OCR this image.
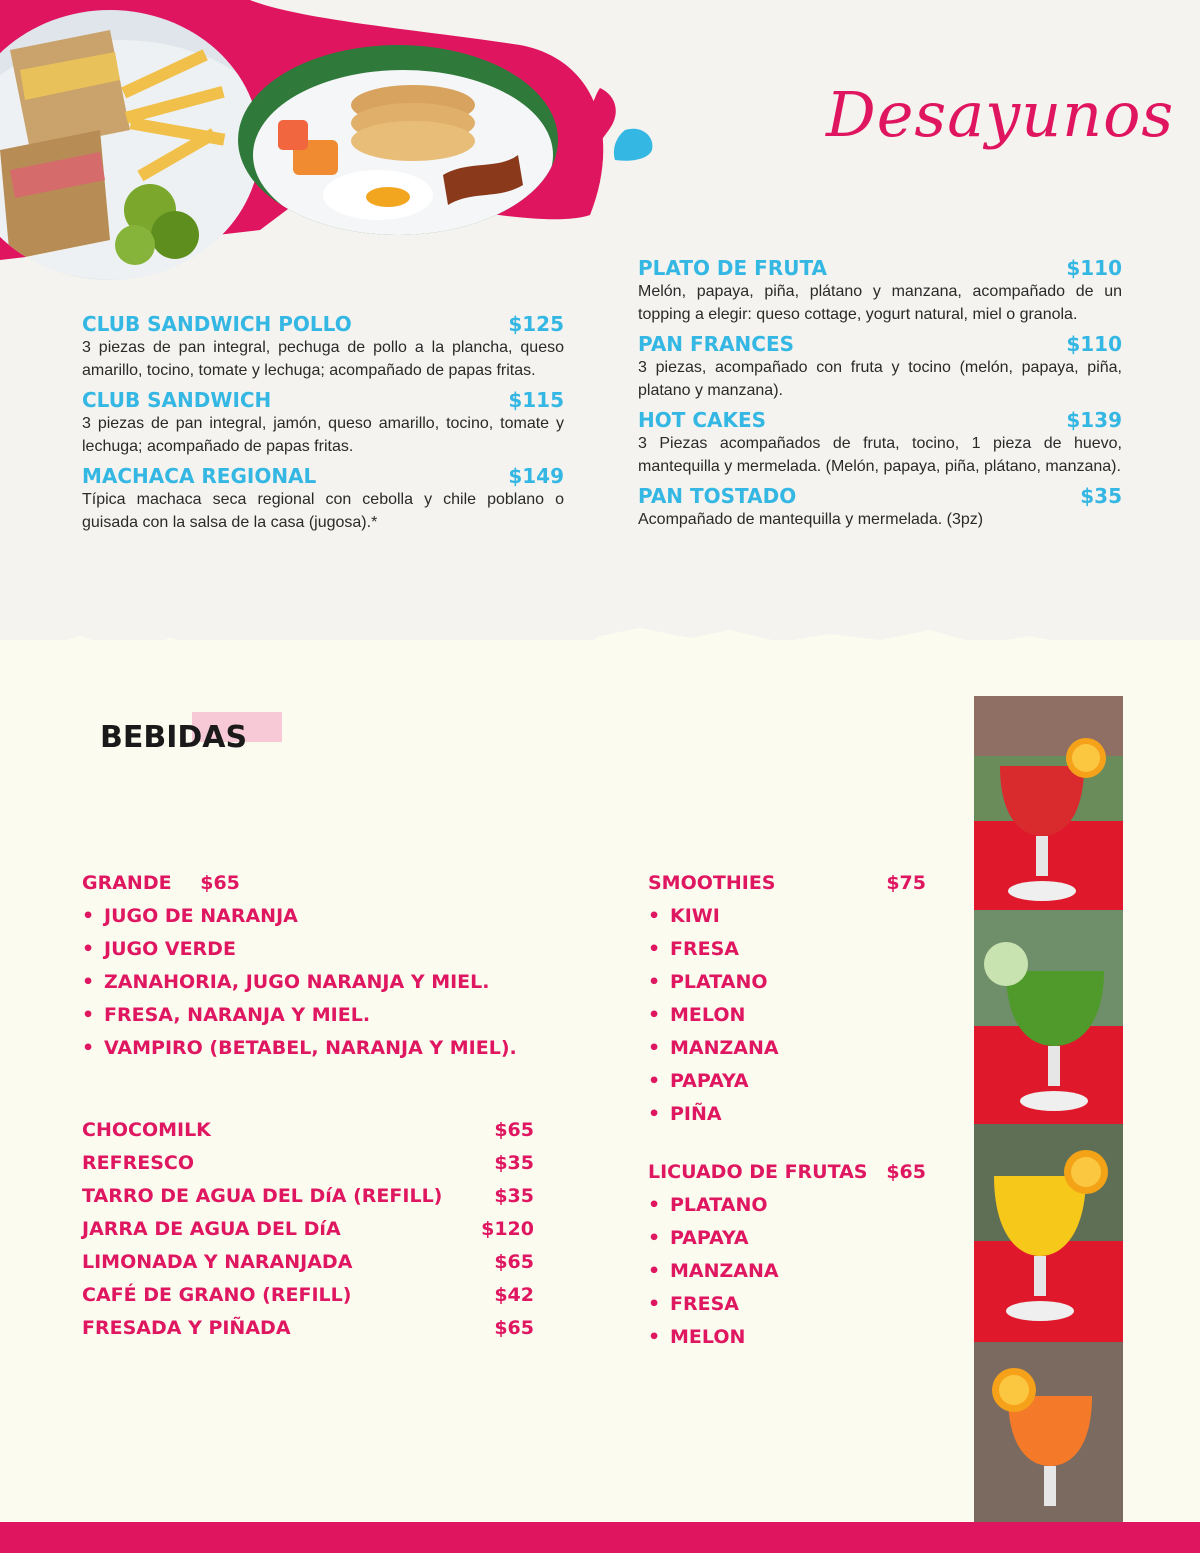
Desayunos
CLUB SANDWICH POLLO	$125
3 piezas de pan integral, pechuga de pollo a la plancha, queso amarillo, tocino, tomate y lechuga; acompañado de papas fritas.
CLUB SANDWICH	$115
3 piezas de pan integral, jamón, queso amarillo, tocino, tomate y lechuga; acompañado de papas fritas.
MACHACA REGIONAL	$149
Típica machaca seca regional con cebolla y chile poblano o guisada con la salsa de la casa (jugosa).*
PLATO DE FRUTA	$110
Melón, papaya, piña, plátano y manzana, acompañado de un topping a elegir: queso cottage, yogurt natural, miel o granola.
PAN FRANCES	$110
3 piezas, acompañado con fruta y tocino (melón, papaya, piña, platano y manzana).
HOT CAKES	$139
3 Piezas acompañados de fruta, tocino, 1 pieza de huevo, mantequilla y mermelada. (Melón, papaya, piña, plátano, manzana).
PAN TOSTADO	$35
Acompañado de mantequilla y mermelada. (3pz)
BEBIDAS
GRANDE $65
• JUGO DE NARANJA
• JUGO VERDE
• ZANAHORIA, JUGO NARANJA Y MIEL.
• FRESA, NARANJA Y MIEL.
• VAMPIRO (BETABEL, NARANJA Y MIEL).
CHOCOMILK	$65
REFRESCO	$35
TARRO DE AGUA DEL DíA (REFILL)	$35
JARRA DE AGUA DEL DíA	$120
LIMONADA Y NARANJADA	$65
CAFÉ DE GRANO (REFILL)	$42
FRESADA Y PIÑADA	$65
SMOOTHIES	$75
• KIWI
• FRESA
• PLATANO
• MELON
• MANZANA
• PAPAYA
• PIÑA
LICUADO DE FRUTAS $65
• PLATANO
• PAPAYA
• MANZANA
• FRESA
• MELON
